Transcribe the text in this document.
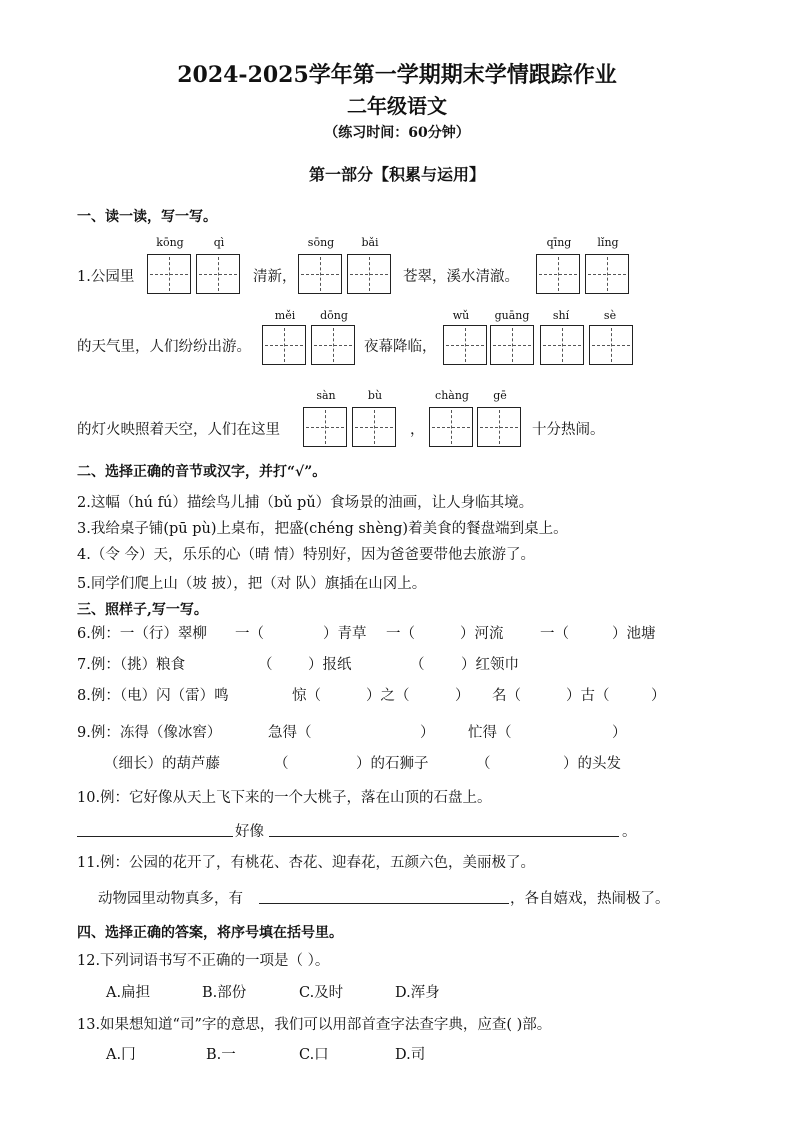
2024-2025学年第一学期期末学情跟踪作业
二年级语文
（练习时间：60分钟）
第一部分【积累与运用】
一、读一读，写一写。
kōng	qì	sōng	bǎi	qīng	lǐng
1.公园里	清新，	苍翠，溪水清澈。
měi	dōng	wǔ	guāng	shí	sè
的天气里，人们纷纷出游。	夜幕降临，
sàn	bù	chàng	gē
的灯火映照着天空，人们在这里	，	十分热闹。
二、选择正确的音节或汉字，并打“√”。
2.这幅（hú fú）描绘鸟儿捕（bǔ pǔ）食场景的油画，让人身临其境。
3.我给桌子铺(pū pù)上桌布，把盛(chéng shèng)着美食的餐盘端到桌上。
4.（令 今）天，乐乐的心（晴 情）特别好，因为爸爸要带他去旅游了。
5.同学们爬上山（坡 披），把（对 队）旗插在山冈上。
三、照样子,写一写。
6.例：一（行）翠柳 一（	）青草 一（	）河流	一（	）池塘
7.例：（挑）粮食	（ ）报纸	（	）红领巾
8.例：（电）闪（雷）鸣	惊（	）之（	） 名（	）古（	）
9.例：冻得（像冰窖）	急得（	） 忙得（	）
（细长）的葫芦藤	（	）的石狮子	（	）的头发
10.例：它好像从天上飞下来的一个大桃子，落在山顶的石盘上。
好像	。
11.例：公园的花开了，有桃花、杏花、迎春花，五颜六色，美丽极了。
动物园里动物真多，有	，各自嬉戏，热闹极了。
四、选择正确的答案，将序号填在括号里。
12.下列词语书写不正确的一项是（ ）。
A.扁担	B.部份	C.及时	D.浑身
13.如果想知道“司”字的意思，我们可以用部首查字法查字典，应查( )部。
A.冂	B.一	C.口	D.司
